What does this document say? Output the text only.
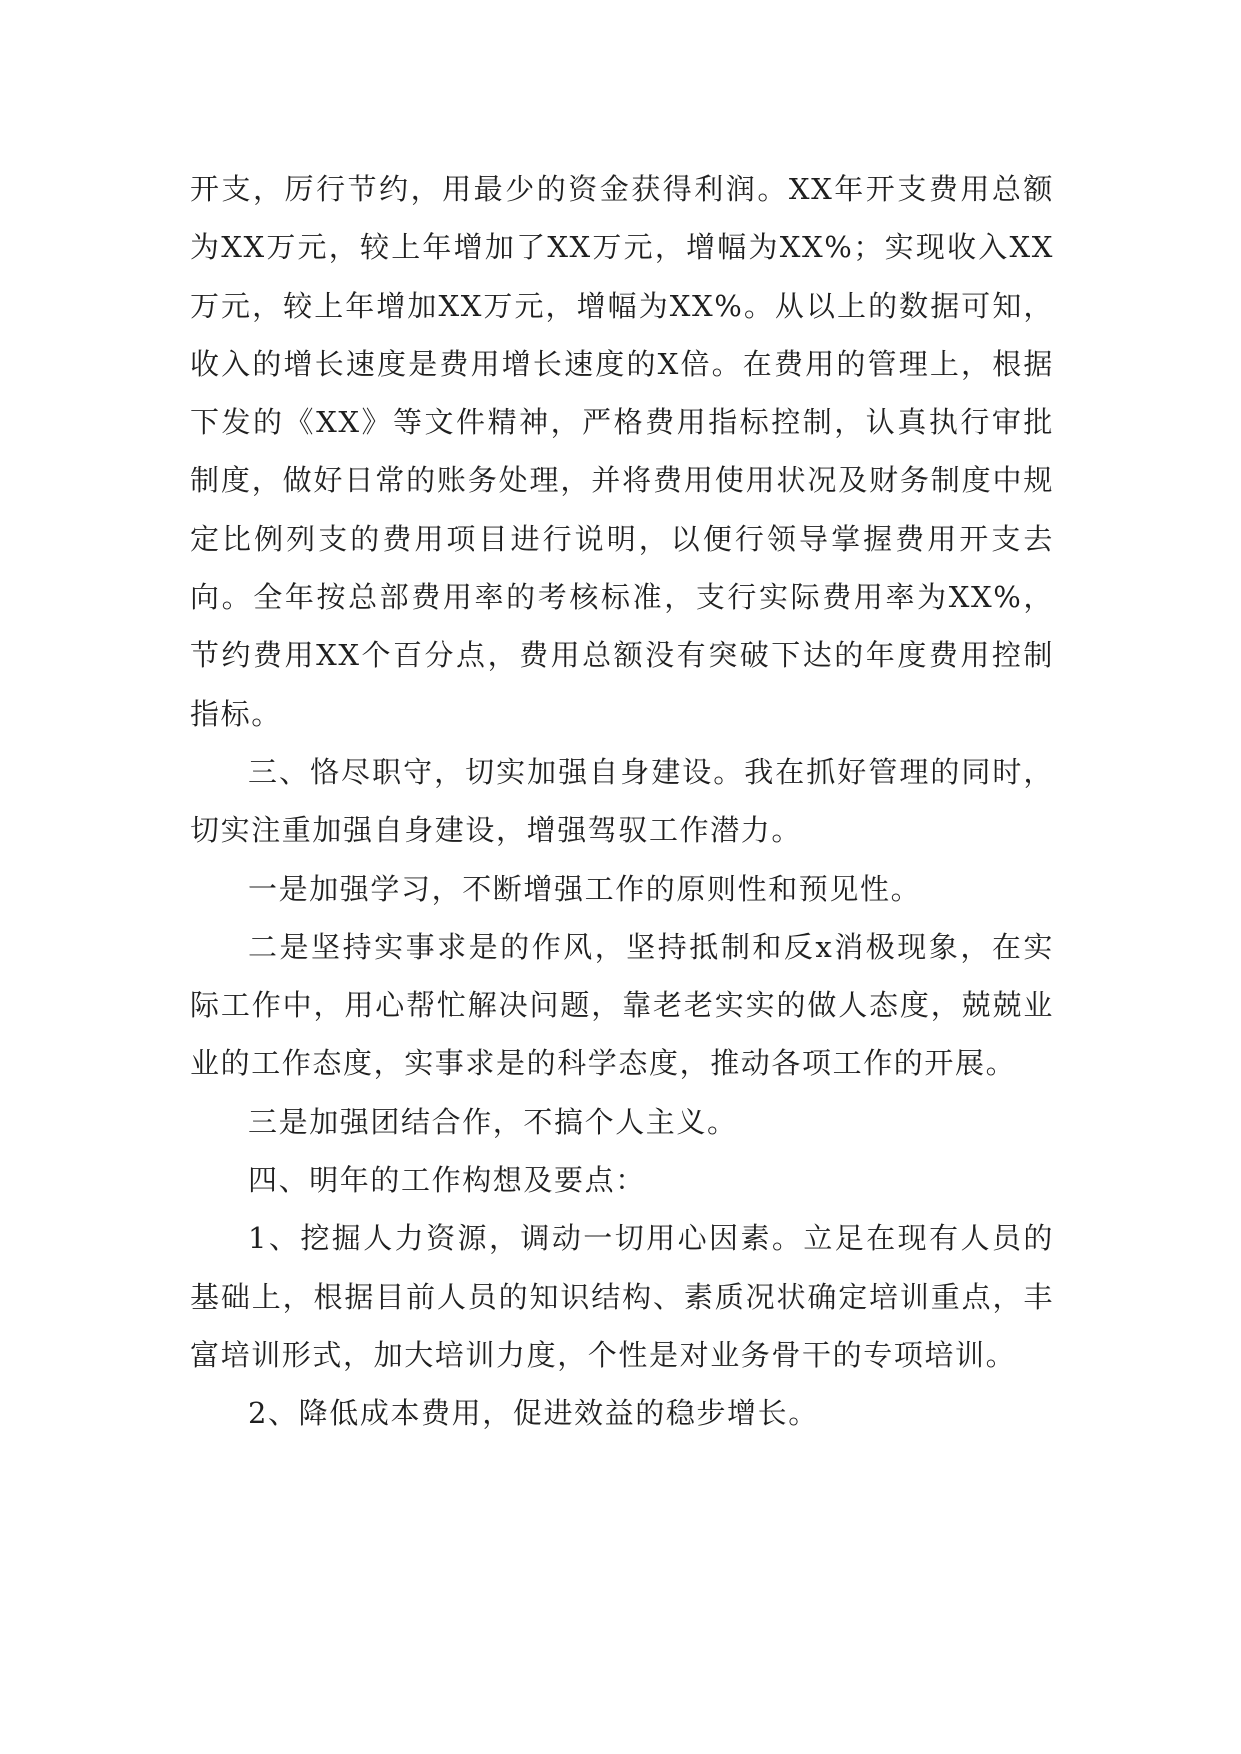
开支，厉行节约，用最少的资金获得利润。XX年开支费用总额为XX万元，较上年增加了XX万元，增幅为XX%；实现收入XX万元，较上年增加XX万元，增幅为XX%。从以上的数据可知，收入的增长速度是费用增长速度的X倍。在费用的管理上，根据下发的《XX》等文件精神，严格费用指标控制，认真执行审批制度，做好日常的账务处理，并将费用使用状况及财务制度中规定比例列支的费用项目进行说明，以便行领导掌握费用开支去向。全年按总部费用率的考核标准，支行实际费用率为XX%，节约费用XX个百分点，费用总额没有突破下达的年度费用控制指标。

三、恪尽职守，切实加强自身建设。我在抓好管理的同时，切实注重加强自身建设，增强驾驭工作潜力。

一是加强学习，不断增强工作的原则性和预见性。

二是坚持实事求是的作风，坚持抵制和反x消极现象，在实际工作中，用心帮忙解决问题，靠老老实实的做人态度，兢兢业业的工作态度，实事求是的科学态度，推动各项工作的开展。

三是加强团结合作，不搞个人主义。

四、明年的工作构想及要点：

1、挖掘人力资源，调动一切用心因素。立足在现有人员的基础上，根据目前人员的知识结构、素质况状确定培训重点，丰富培训形式，加大培训力度，个性是对业务骨干的专项培训。

2、降低成本费用，促进效益的稳步增长。
